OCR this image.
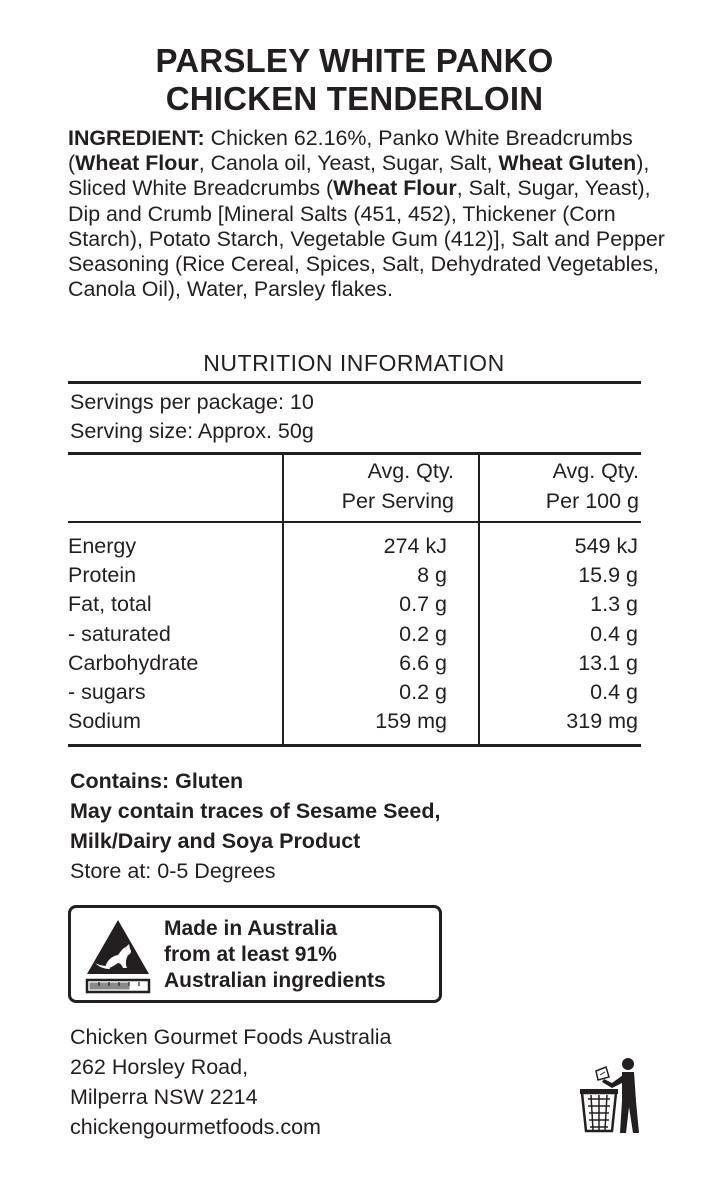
PARSLEY WHITE PANKO
CHICKEN TENDERLOIN
INGREDIENT: Chicken 62.16%, Panko White Breadcrumbs (Wheat Flour, Canola oil, Yeast, Sugar, Salt, Wheat Gluten), Sliced White Breadcrumbs (Wheat Flour, Salt, Sugar, Yeast), Dip and Crumb [Mineral Salts (451, 452), Thickener (Corn Starch), Potato Starch, Vegetable Gum (412)], Salt and Pepper Seasoning (Rice Cereal, Spices, Salt, Dehydrated Vegetables, Canola Oil), Water, Parsley flakes.
NUTRITION INFORMATION
Servings per package: 10
Serving size: Approx. 50g
Avg. Qty.
Per Serving
Avg. Qty.
Per 100 g
Energy	274 kJ	549 kJ
Protein	8 g	15.9 g
Fat, total	0.7 g	1.3 g
- saturated	0.2 g	0.4 g
Carbohydrate	6.6 g	13.1 g
- sugars	0.2 g	0.4 g
Sodium	159 mg	319 mg
Contains: Gluten
May contain traces of Sesame Seed,
Milk/Dairy and Soya Product
Store at: 0-5 Degrees
Made in Australia
from at least 91%
Australian ingredients
Chicken Gourmet Foods Australia
262 Horsley Road,
Milperra NSW 2214
chickengourmetfoods.com
